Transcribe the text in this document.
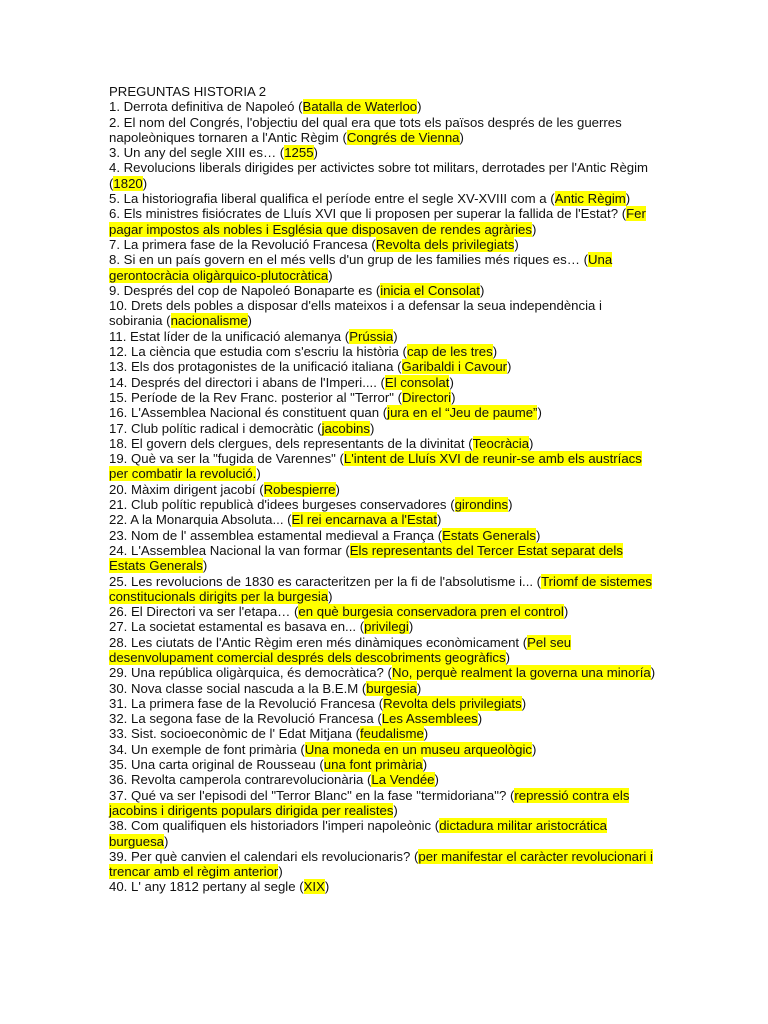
PREGUNTAS HISTORIA 2
1. Derrota definitiva de Napoleó (Batalla de Waterloo)
2. El nom del Congrés, l'objectiu del qual era que tots els països després de les guerres napoleòniques tornaren a l'Antic Règim (Congrés de Vienna)
3. Un any del segle XIII es… (1255)
4. Revolucions liberals dirigides per activictes sobre tot militars, derrotades per l'Antic Règim (1820)
5. La historiografia liberal qualifica el període entre el segle XV-XVIII com a (Antic Règim)
6. Els ministres fisiócrates de Lluís XVI que li proposen per superar la fallida de l'Estat? (Fer pagar impostos als nobles i Església que disposaven de rendes agràries)
7. La primera fase de la Revolució Francesa (Revolta dels privilegiats)
8. Si en un país govern en el més vells d'un grup de les families més riques es… (Una gerontocràcia oligàrquico-plutocràtica)
9. Després del cop de Napoleó Bonaparte es (inicia el Consolat)
10. Drets dels pobles a disposar d'ells mateixos i a defensar la seua independència i sobirania (nacionalisme)
11. Estat líder de la unificació alemanya (Prússia)
12. La ciència que estudia com s'escriu la història (cap de les tres)
13. Els dos protagonistes de la unificació italiana (Garibaldi i Cavour)
14. Després del directori i abans de l'Imperi.... (El consolat)
15. Període de la Rev Franc. posterior al "Terror" (Directori)
16. L'Assemblea Nacional és constituent quan (jura en el “Jeu de paume”)
17. Club polític radical i democràtic (jacobins)
18. El govern dels clergues, dels representants de la divinitat (Teocràcia)
19. Què va ser la "fugida de Varennes" (L'intent de Lluís XVI de reunir-se amb els austríacs per combatir la revolució.)
20. Màxim dirigent jacobí (Robespierre)
21. Club polític republicà d'idees burgeses conservadores (girondins)
22. A la Monarquia Absoluta... (El rei encarnava a l'Estat)
23. Nom de l' assemblea estamental medieval a França (Estats Generals)
24. L'Assemblea Nacional la van formar (Els representants del Tercer Estat separat dels Estats Generals)
25. Les revolucions de 1830 es caracteritzen per la fi de l'absolutisme i... (Triomf de sistemes constitucionals dirigits per la burgesia)
26. El Directori va ser l'etapa… (en què burgesia conservadora pren el control)
27. La societat estamental es basava en... (privilegi)
28. Les ciutats de l'Antic Règim eren més dinàmiques econòmicament (Pel seu desenvolupament comercial després dels descobriments geogràfics)
29. Una república oligàrquica, és democràtica? (No, perquè realment la governa una minoría)
30. Nova classe social nascuda a la B.E.M (burgesia)
31. La primera fase de la Revolució Francesa (Revolta dels privilegiats)
32. La segona fase de la Revolució Francesa (Les Assemblees)
33. Sist. socioeconòmic de l' Edat Mitjana (feudalisme)
34. Un exemple de font primària (Una moneda en un museu arqueològic)
35. Una carta original de Rousseau (una font primària)
36. Revolta camperola contrarevolucionària (La Vendée)
37. Qué va ser l'episodi del "Terror Blanc" en la fase "termidoriana"? (repressió contra els jacobins i dirigents populars dirigida per realistes)
38. Com qualifiquen els historiadors l'imperi napoleònic (dictadura militar aristocrática burguesa)
39. Per què canvien el calendari els revolucionaris? (per manifestar el caràcter revolucionari i trencar amb el règim anterior)
40. L' any 1812 pertany al segle (XIX)
